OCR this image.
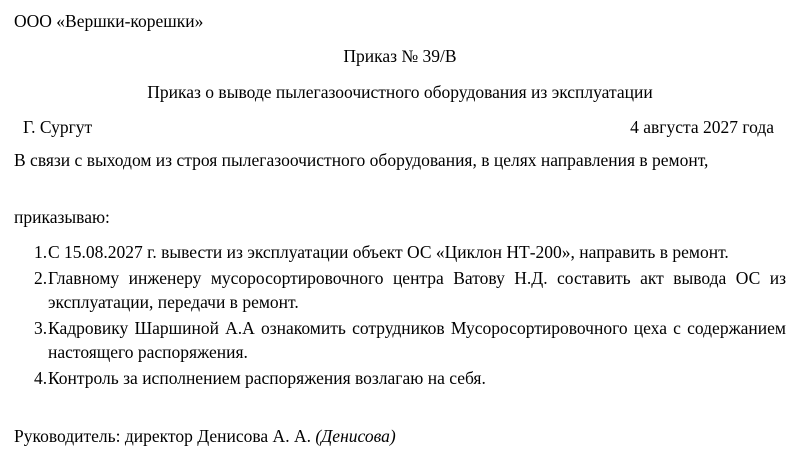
ООО «Вершки-корешки»
Приказ № 39/В
Приказ о выводе пылегазоочистного оборудования из эксплуатации
Г. Сургут	4 августа 2027 года
В связи с выходом из строя пылегазоочистного оборудования, в целях направления в ремонт,
приказываю:
1. С 15.08.2027 г. вывести из эксплуатации объект ОС «Циклон НТ-200», направить в ремонт.
2. Главному инженеру мусоросортировочного центра Ватову Н.Д. составить акт вывода ОС из эксплуатации, передачи в ремонт.
3. Кадровику Шаршиной А.А ознакомить сотрудников Мусоросортировочного цеха с содержанием настоящего распоряжения.
4. Контроль за исполнением распоряжения возлагаю на себя.
Руководитель: директор Денисова А. А. (Денисова)
